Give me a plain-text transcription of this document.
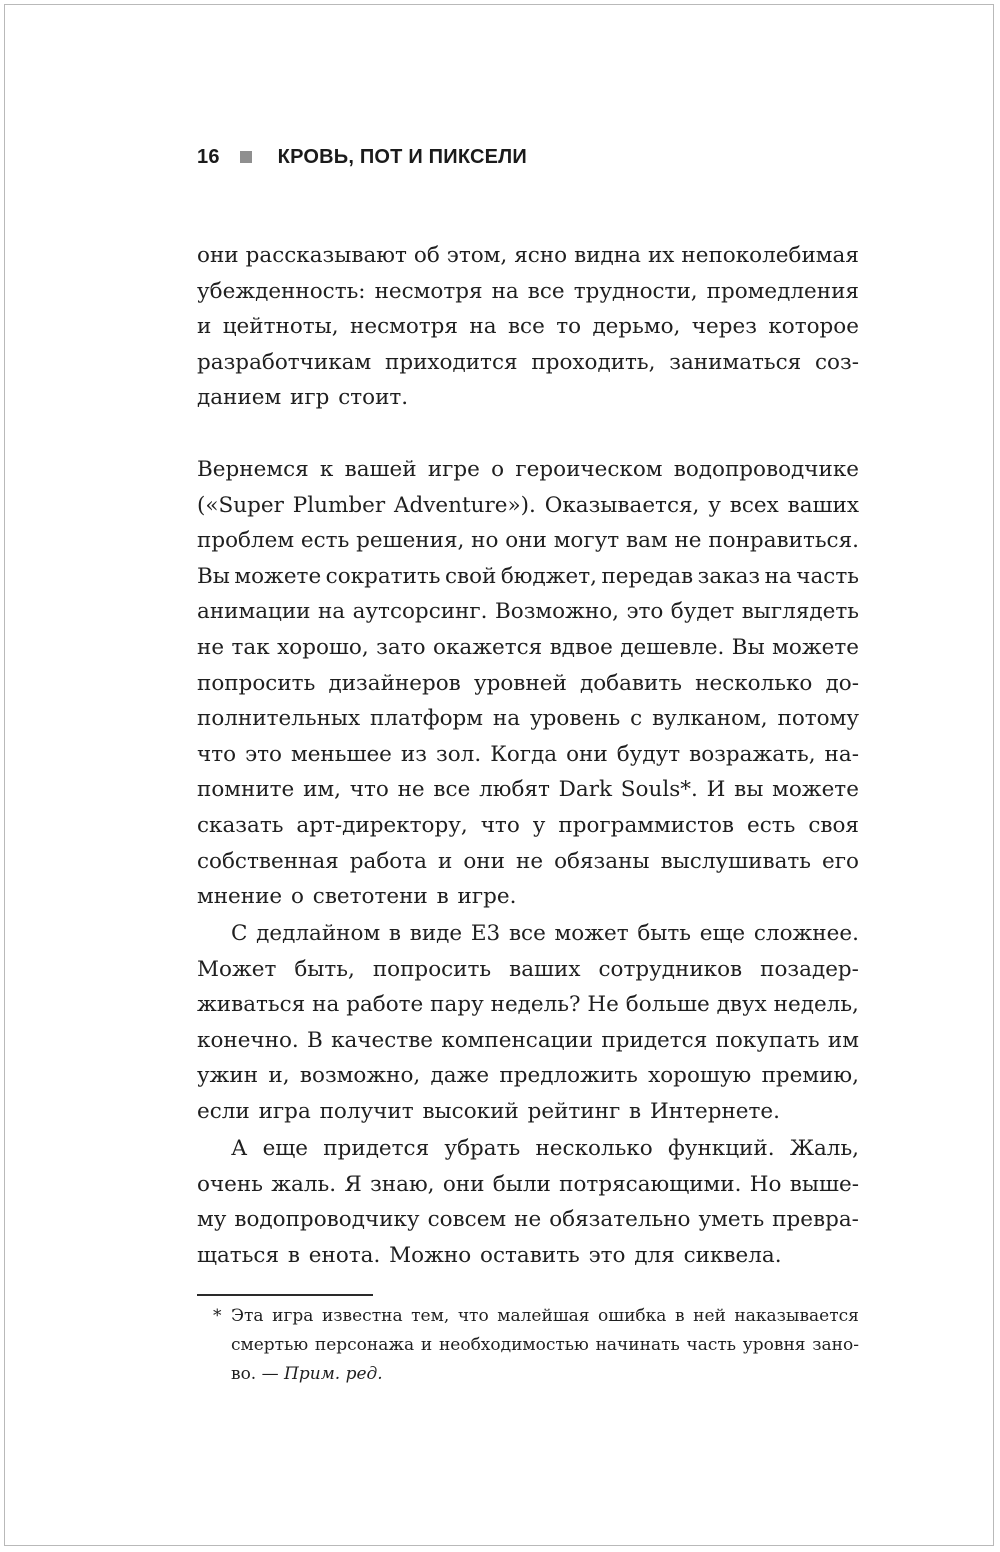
16	КРОВЬ, ПОТ И ПИКСЕЛИ
они рассказывают об этом, ясно видна их непоколебимая
убежденность: несмотря на все трудности, промедления
и цейтноты, несмотря на все то дерьмо, через которое
разработчикам приходится проходить, заниматься соз-
данием игр стоит.
Вернемся к вашей игре о героическом водопроводчике
(«Super Plumber Adventure»). Оказывается, у всех ваших
проблем есть решения, но они могут вам не понравиться.
Вы можете сократить свой бюджет, передав заказ на часть
анимации на аутсорсинг. Возможно, это будет выглядеть
не так хорошо, зато окажется вдвое дешевле. Вы можете
попросить дизайнеров уровней добавить несколько до-
полнительных платформ на уровень с вулканом, потому
что это меньшее из зол. Когда они будут возражать, на-
помните им, что не все любят Dark Souls*. И вы можете
сказать арт-директору, что у программистов есть своя
собственная работа и они не обязаны выслушивать его
мнение о светотени в игре.
С дедлайном в виде E3 все может быть еще сложнее.
Может быть, попросить ваших сотрудников позадер-
живаться на работе пару недель? Не больше двух недель,
конечно. В качестве компенсации придется покупать им
ужин и, возможно, даже предложить хорошую премию,
если игра получит высокий рейтинг в Интернете.
А еще придется убрать несколько функций. Жаль,
очень жаль. Я знаю, они были потрясающими. Но выше-
му водопроводчику совсем не обязательно уметь превра-
щаться в енота. Можно оставить это для сиквела.
* Эта игра известна тем, что малейшая ошибка в ней наказывается
смертью персонажа и необходимостью начинать часть уровня зано-
во. — Прим. ред.
